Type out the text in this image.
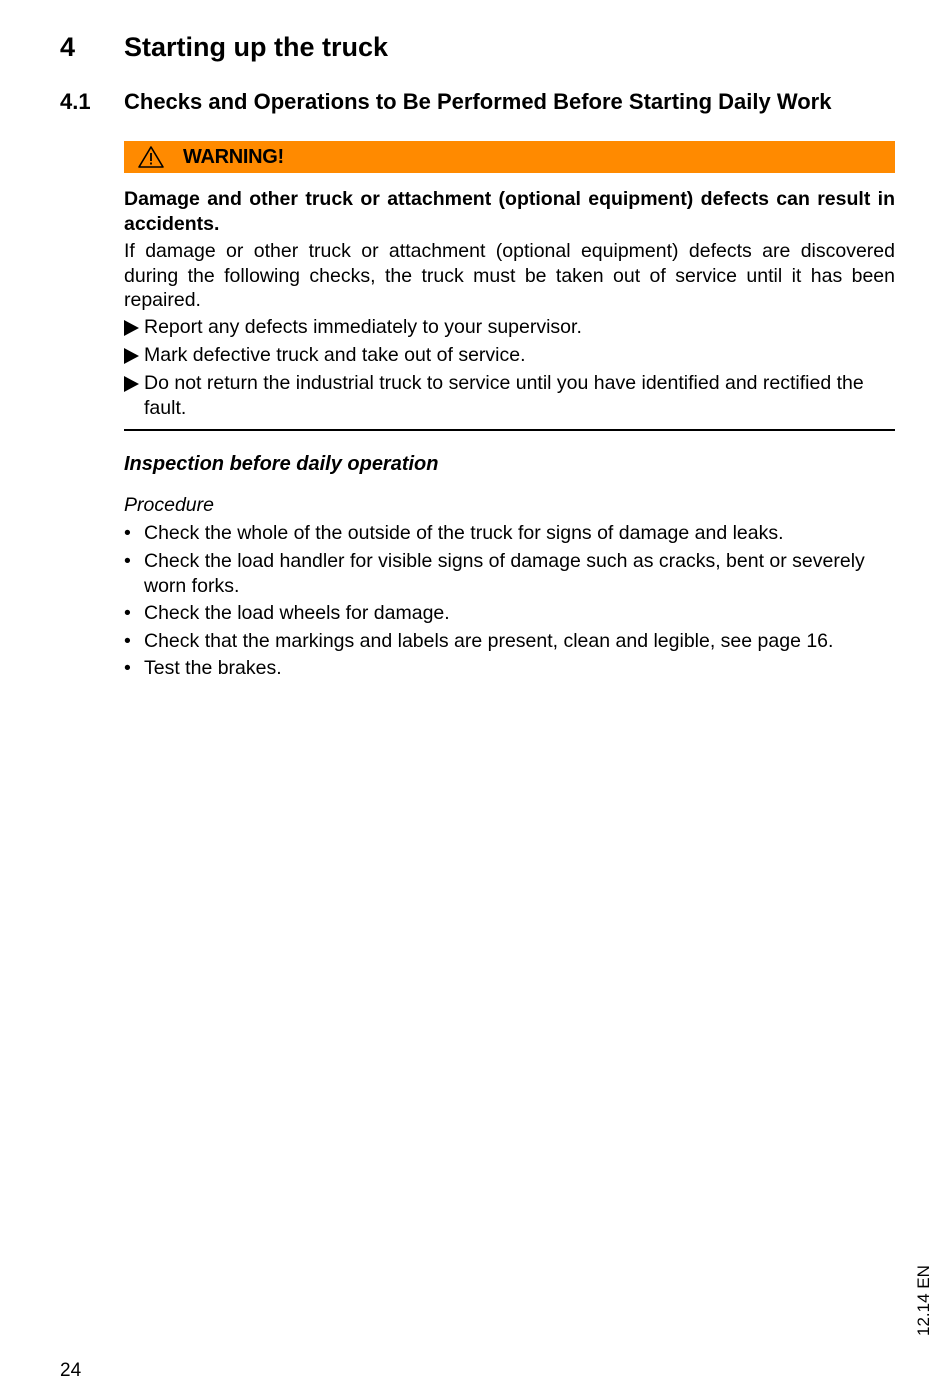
4 Starting up the truck
4.1 Checks and Operations to Be Performed Before Starting Daily Work
WARNING!
Damage and other truck or attachment (optional equipment) defects can result in accidents.
If damage or other truck or attachment (optional equipment) defects are discovered during the following checks, the truck must be taken out of service until it has been repaired.
Report any defects immediately to your supervisor.
Mark defective truck and take out of service.
Do not return the industrial truck to service until you have identified and rectified the fault.
Inspection before daily operation
Procedure
• Check the whole of the outside of the truck for signs of damage and leaks.
• Check the load handler for visible signs of damage such as cracks, bent or severely worn forks.
• Check the load wheels for damage.
• Check that the markings and labels are present, clean and legible, see page 16.
• Test the brakes.
12.14 EN
24
